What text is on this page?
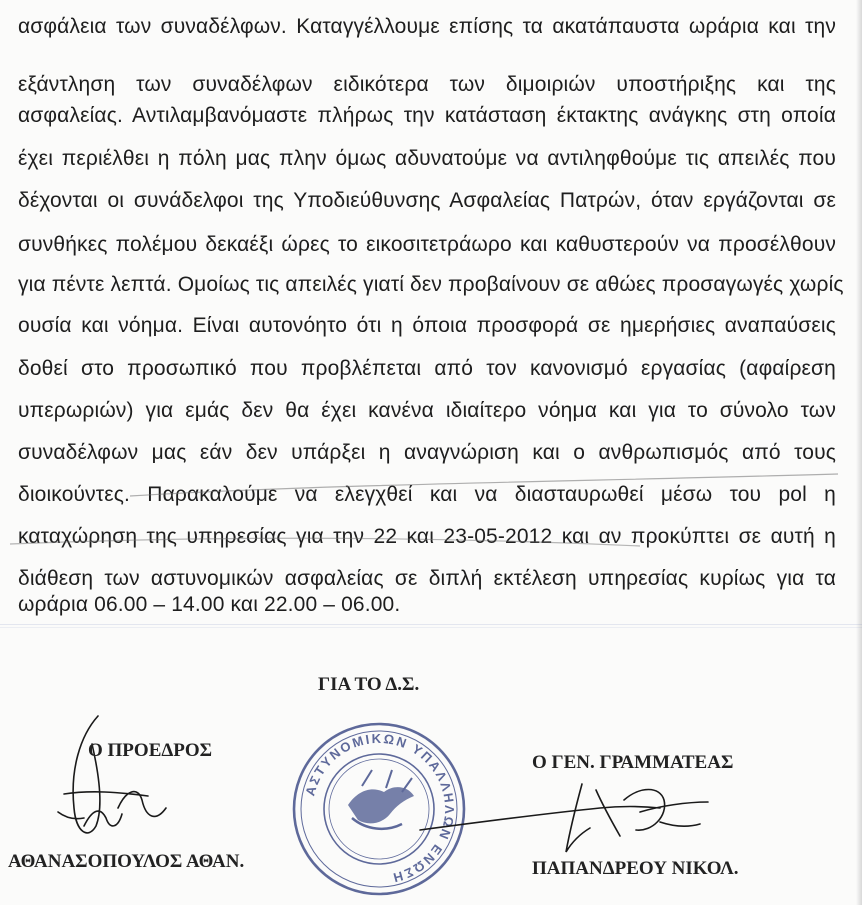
ασφάλεια των συναδέλφων. Καταγγέλλουμε επίσης τα ακατάπαυστα ωράρια και την
εξάντληση των συναδέλφων ειδικότερα των διμοιριών υποστήριξης και της
ασφαλείας. Αντιλαμβανόμαστε πλήρως την κατάσταση έκτακτης ανάγκης στη οποία
έχει περιέλθει η πόλη μας πλην όμως αδυνατούμε να αντιληφθούμε τις απειλές που
δέχονται οι συνάδελφοι της Υποδιεύθυνσης Ασφαλείας Πατρών, όταν εργάζονται σε
συνθήκες πολέμου δεκαέξι ώρες το εικοσιτετράωρο και καθυστερούν να προσέλθουν
για πέντε λεπτά. Ομοίως τις απειλές γιατί δεν προβαίνουν σε αθώες προσαγωγές χωρίς
ουσία και νόημα. Είναι αυτονόητο ότι η όποια προσφορά σε ημερήσιες αναπαύσεις
δοθεί στο προσωπικό που προβλέπεται από τον κανονισμό εργασίας (αφαίρεση
υπερωριών) για εμάς δεν θα έχει κανένα ιδιαίτερο νόημα και για το σύνολο των
συναδέλφων μας εάν δεν υπάρξει η αναγνώριση και ο ανθρωπισμός από τους
διοικούντες. Παρακαλούμε να ελεγχθεί και να διασταυρωθεί μέσω του pol η
καταχώρηση της υπηρεσίας για την 22 και 23-05-2012 και αν προκύπτει σε αυτή η
διάθεση των αστυνομικών ασφαλείας σε διπλή εκτέλεση υπηρεσίας κυρίως για τα
ωράρια 06.00 – 14.00 και 22.00 – 06.00.
ΑΣΤΥΝΟΜΙΚΩΝ ΥΠΑΛΛΗΛΩΝ ΕΝΩΣΗ
ΓΙΑ ΤΟ Δ.Σ.
Ο ΠΡΟΕΔΡΟΣ
ΑΘΑΝΑΣΟΠΟΥΛΟΣ ΑΘΑΝ.
Ο ΓΕΝ. ΓΡΑΜΜΑΤΕΑΣ
ΠΑΠΑΝΔΡΕΟΥ ΝΙΚΟΛ.
